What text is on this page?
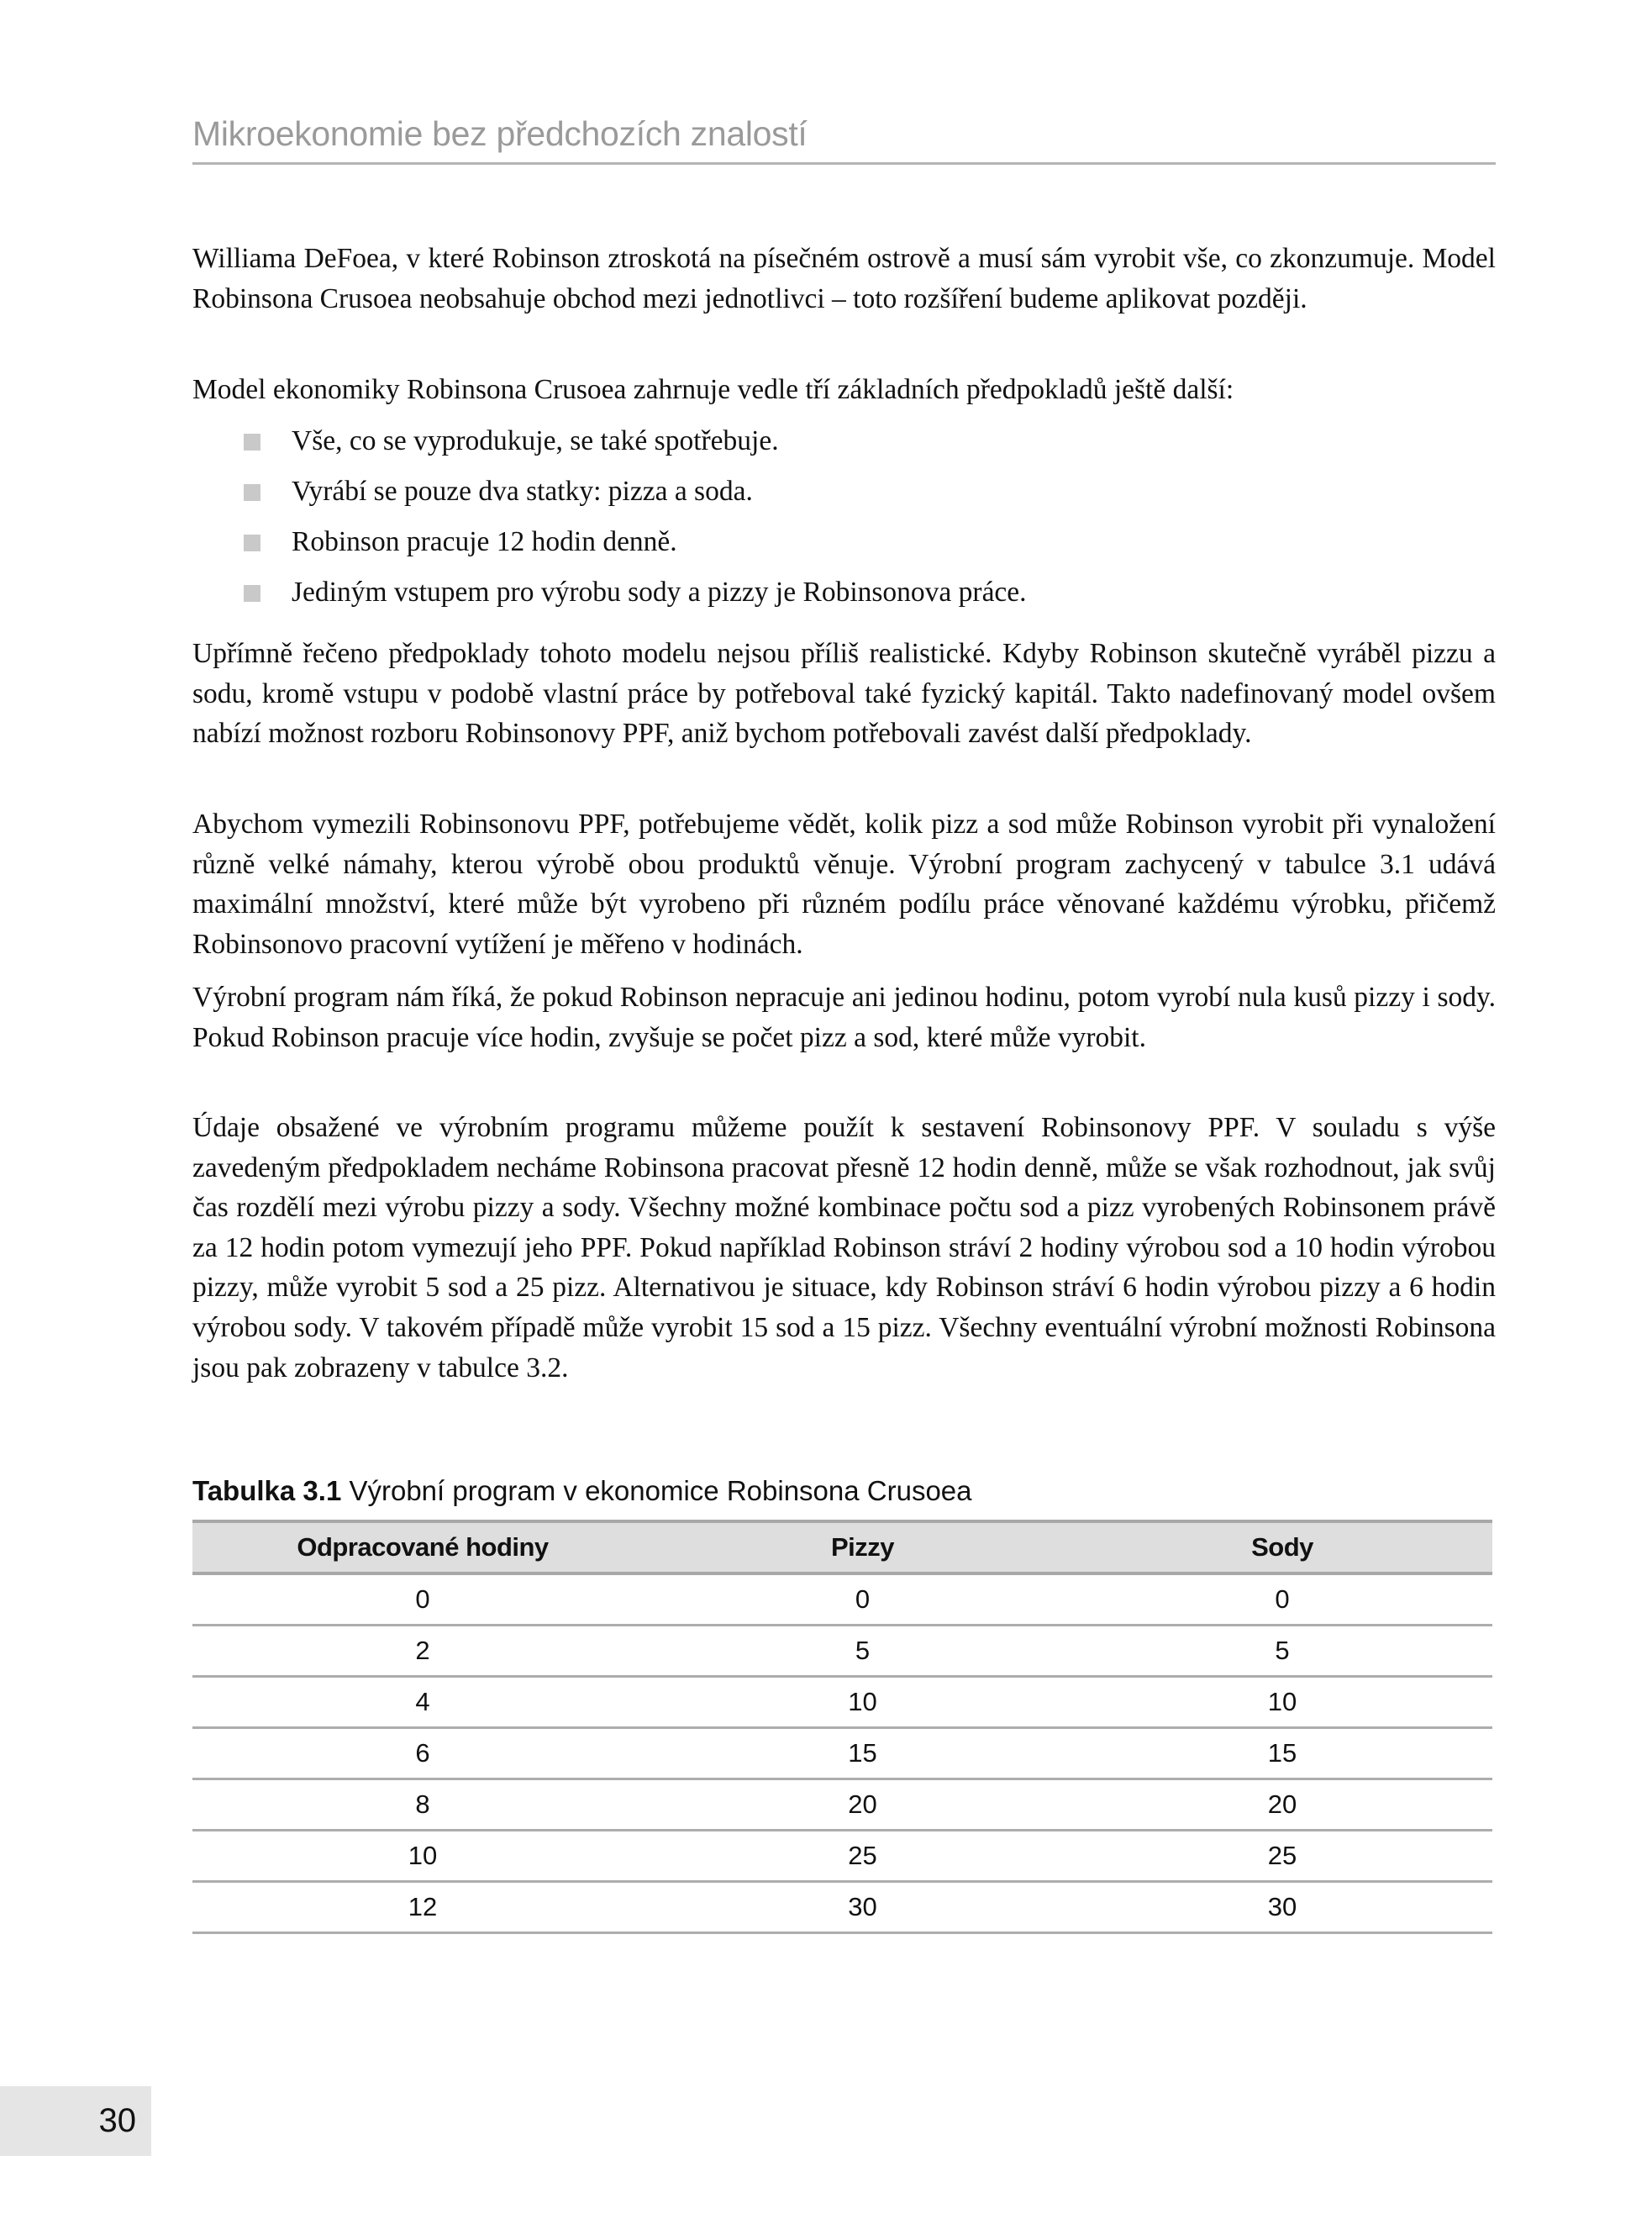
Mikroekonomie bez předchozích znalostí

Williama DeFoea, v které Robinson ztroskotá na písečném ostrově a musí sám vyrobit vše, co zkonzumuje. Model Robinsona Crusoea neobsahuje obchod mezi jednotlivci – toto rozšíření budeme aplikovat později.

Model ekonomiky Robinsona Crusoea zahrnuje vedle tří základních předpokladů ještě další:

Vše, co se vyprodukuje, se také spotřebuje.
Vyrábí se pouze dva statky: pizza a soda.
Robinson pracuje 12 hodin denně.
Jediným vstupem pro výrobu sody a pizzy je Robinsonova práce.

Upřímně řečeno předpoklady tohoto modelu nejsou příliš realistické. Kdyby Robinson skutečně vyráběl pizzu a sodu, kromě vstupu v podobě vlastní práce by potřeboval také fyzický kapitál. Takto nadefinovaný model ovšem nabízí možnost rozboru Robinsonovy PPF, aniž bychom potřebovali zavést další předpoklady.

Abychom vymezili Robinsonovu PPF, potřebujeme vědět, kolik pizz a sod může Robinson vyrobit při vynaložení různě velké námahy, kterou výrobě obou produktů věnuje. Výrobní program zachycený v tabulce 3.1 udává maximální množství, které může být vyrobeno při různém podílu práce věnované každému výrobku, přičemž Robinsonovo pracovní vytížení je měřeno v hodinách.

Výrobní program nám říká, že pokud Robinson nepracuje ani jedinou hodinu, potom vyrobí nula kusů pizzy i sody. Pokud Robinson pracuje více hodin, zvyšuje se počet pizz a sod, které může vyrobit.

Údaje obsažené ve výrobním programu můžeme použít k sestavení Robinsonovy PPF. V souladu s výše zavedeným předpokladem necháme Robinsona pracovat přesně 12 hodin denně, může se však rozhodnout, jak svůj čas rozdělí mezi výrobu pizzy a sody. Všechny možné kombinace počtu sod a pizz vyrobených Robinsonem právě za 12 hodin potom vymezují jeho PPF. Pokud například Robinson stráví 2 hodiny výrobou sod a 10 hodin výrobou pizzy, může vyrobit 5 sod a 25 pizz. Alternativou je situace, kdy Robinson stráví 6 hodin výrobou pizzy a 6 hodin výrobou sody. V takovém případě může vyrobit 15 sod a 15 pizz. Všechny eventuální výrobní možnosti Robinsona jsou pak zobrazeny v tabulce 3.2.

Tabulka 3.1 Výrobní program v ekonomice Robinsona Crusoea
Odpracované hodiny	Pizzy	Sody
0	0	0
2	5	5
4	10	10
6	15	15
8	20	20
10	25	25
12	30	30
30
